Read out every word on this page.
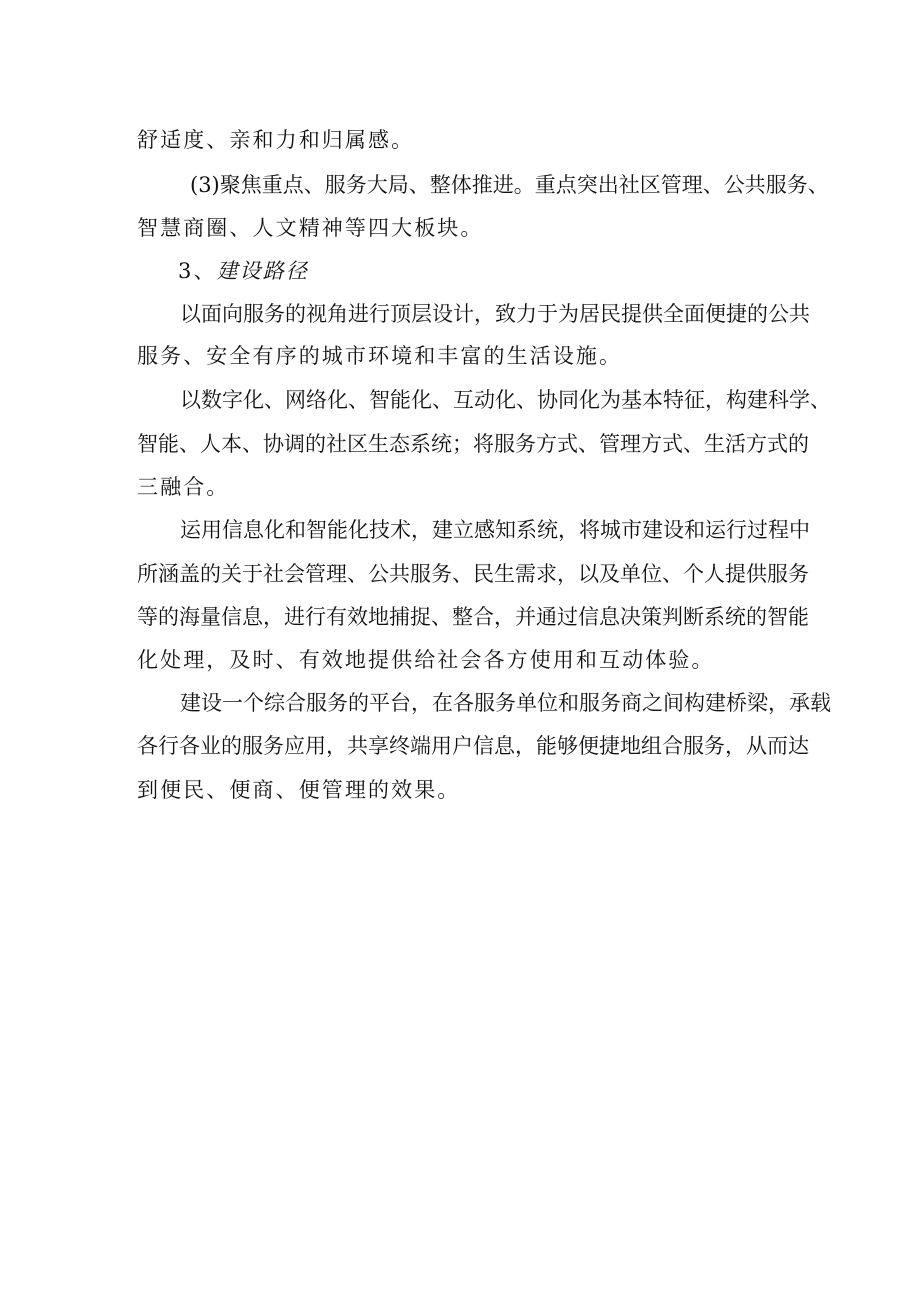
舒适度、亲和力和归属感。
(3)聚焦重点、服务大局、整体推进。重点突出社区管理、公共服务、
智慧商圈、人文精神等四大板块。
3、建设路径
以面向服务的视角进行顶层设计，致力于为居民提供全面便捷的公共
服务、安全有序的城市环境和丰富的生活设施。
以数字化、网络化、智能化、互动化、协同化为基本特征，构建科学、
智能、人本、协调的社区生态系统；将服务方式、管理方式、生活方式的
三融合。
运用信息化和智能化技术，建立感知系统，将城市建设和运行过程中
所涵盖的关于社会管理、公共服务、民生需求，以及单位、个人提供服务
等的海量信息，进行有效地捕捉、整合，并通过信息决策判断系统的智能
化处理，及时、有效地提供给社会各方使用和互动体验。
建设一个综合服务的平台，在各服务单位和服务商之间构建桥梁，承载
各行各业的服务应用，共享终端用户信息，能够便捷地组合服务，从而达
到便民、便商、便管理的效果。
